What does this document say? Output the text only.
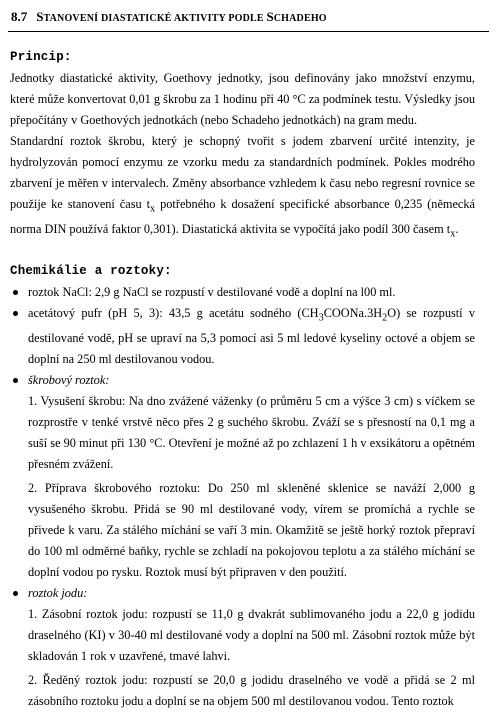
8.7 STANOVENÍ DIASTATICKÉ AKTIVITY PODLE SCHADEHO
Princip:

Jednotky diastatické aktivity, Goethovy jednotky, jsou definovány jako množství enzymu, které může konvertovat 0,01 g škrobu za 1 hodinu při 40 °C za podmínek testu. Výsledky jsou přepočítány v Goethových jednotkách (nebo Schadeho jednotkách) na gram medu.

Standardní roztok škrobu, který je schopný tvořit s jodem zbarvení určité intenzity, je hydrolyzován pomocí enzymu ze vzorku medu za standardních podmínek. Pokles modrého zbarvení je měřen v intervalech. Změny absorbance vzhledem k času nebo regresní rovnice se použije ke stanovení času $t_x$ potřebného k dosažení specifické absorbance 0,235 (německá norma DIN používá faktor 0,301). Diastatická aktivita se vypočítá jako podíl 300 časem $t_x$.

Chemikálie a roztoky:
roztok NaCl: 2,9 g NaCl se rozpustí v destilované vodě a doplní na l00 ml.
acetátový pufr (pH 5, 3): 43,5 g acetátu sodného $(CH_3COONa.3H_2O)$ se rozpustí v destilované vodě, pH se upraví na 5,3 pomocí asi 5 ml ledové kyseliny octové a objem se doplní na 250 ml destilovanou vodou.
škrobový roztok:
1. Vysušení škrobu: Na dno zvážené váženky (o průměru 5 cm a výšce 3 cm) s víčkem se rozprostře v tenké vrstvě něco přes 2 g suchého škrobu. Zváží se s přesností na 0,1 mg a suší se 90 minut při 130 °C. Otevření je možné až po zchlazení 1 h v exsikátoru a opětném přesném zvážení.
2. Příprava škrobového roztoku: Do 250 ml skleněné sklenice se naváží 2,000 g vysušeného škrobu. Přidá se 90 ml destilované vody, vírem se promíchá a rychle se přivede k varu. Za stálého míchání se vaří 3 min. Okamžitě se ještě horký roztok přepraví do 100 ml odměrné baňky, rychle se zchladí na pokojovou teplotu a za stálého míchání se doplní vodou po rysku. Roztok musí být připraven v den použití.
roztok jodu:
1. Zásobní roztok jodu: rozpustí se 11,0 g dvakrát sublimovaného jodu a 22,0 g jodidu draselného (KI) v 30-40 ml destilované vody a doplní na 500 ml. Zásobní roztok může být skladován 1 rok v uzavřené, tmavé lahvi.
2. Ředěný roztok jodu: rozpustí se 20,0 g jodidu draselného ve vodě a přidá se 2 ml zásobního roztoku jodu a doplní se na objem 500 ml destilovanou vodou. Tento roztok
